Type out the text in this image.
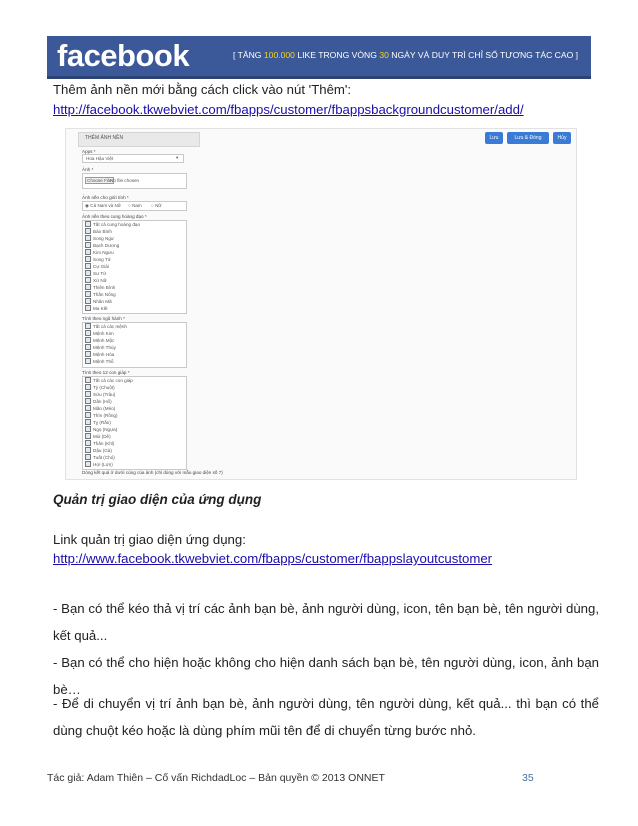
facebook	[ TĂNG 100.000 LIKE TRONG VÒNG 30 NGÀY VÀ DUY TRÌ CHỈ SỐ TƯƠNG TÁC CAO ]
Thêm ảnh nền mới bằng cách click vào nút 'Thêm':
http://facebook.tkwebviet.com/fbapps/customer/fbappsbackgroundcustomer/add/
THÊM ẢNH NỀN	Lưu	Lưu & Đóng	Hủy
Apps *
Hoa Hậu Việt	▾
Ảnh *
Choose File
No file chosen
Ảnh nền cho giới tính *
◉ Cả Nam và Nữ ○ Nam ○ Nữ
Ảnh nền theo cung hoàng đạo *
Tất cả cung hoàng đạo
Bảo Bình
Song Ngư
Bạch Dương
Kim Ngưu
Song Tử
Cự Giải
Sư Tử
Xử Nữ
Thiên Bình
Thần Nông
Nhân Mã
Ma Kết
Tính theo ngũ hành *
Tất cả các mệnh
Mệnh Kim
Mệnh Mộc
Mệnh Thủy
Mệnh Hỏa
Mệnh Thổ
Tính theo 12 con giáp *
Tất cả các con giáp
Tý (Chuột)
Sửu (Trâu)
Dần (Hổ)
Mão (Mèo)
Thìn (Rồng)
Tỵ (Rắn)
Ngọ (Ngựa)
Mùi (Dê)
Thân (Khỉ)
Dậu (Gà)
Tuất (Chó)
Hợi (Lợn)
Dòng kết quả ở dưới cùng của ảnh (chỉ dùng với mẫu giao diện số 7)
Quản trị giao diện của ứng dụng
Link quản trị giao diện ứng dụng:
http://www.facebook.tkwebviet.com/fbapps/customer/fbappslayoutcustomer
- Bạn có thể kéo thả vị trí các ảnh bạn bè, ảnh người dùng, icon, tên bạn bè, tên người dùng, kết quả...
- Bạn có thể cho hiện hoặc không cho hiện danh sách bạn bè, tên người dùng, icon, ảnh bạn bè…
- Để di chuyển vị trí ảnh bạn bè, ảnh người dùng, tên người dùng, kết quả... thì bạn có thể dùng chuột kéo hoặc là dùng phím mũi tên để di chuyển từng bước nhỏ.
Tác giả: Adam Thiên – Cố vấn RichdadLoc – Bản quyền © 2013 ONNET	35
